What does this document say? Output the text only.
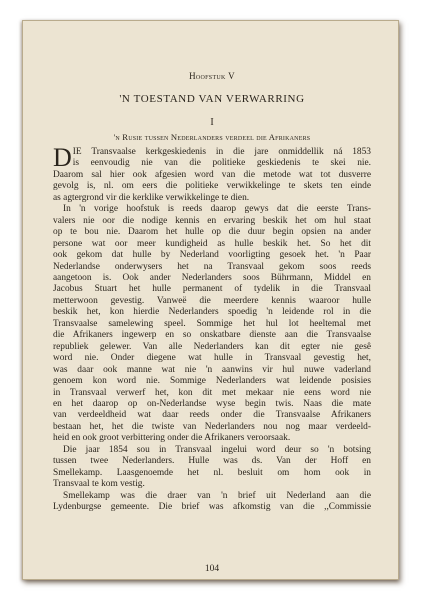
Hoofstuk V
'N TOESTAND VAN VERWARRING
I
'n Rusie tussen Nederlanders verdeel die Afrikaners
D IE Transvaalse kerkgeskiedenis in die jare onmiddellik ná 1853
is eenvoudig nie van die politieke geskiedenis te skei nie.
Daarom sal hier ook afgesien word van die metode wat tot dusverre
gevolg is, nl. om eers die politieke verwikkelinge te skets ten einde
as agtergrond vir die kerklike verwikkelinge te dien.
In 'n vorige hoofstuk is reeds daarop gewys dat die eerste Trans-
valers nie oor die nodige kennis en ervaring beskik het om hul staat
op te bou nie. Daarom het hulle op die duur begin opsien na ander
persone wat oor meer kundigheid as hulle beskik het. So het dit
ook gekom dat hulle by Nederland voorligting gesoek het. 'n Paar
Nederlandse onderwysers het na Transvaal gekom soos reeds
aangetoon is. Ook ander Nederlanders soos Bührmann, Middel en
Jacobus Stuart het hulle permanent of tydelik in die Transvaal
metterwoon gevestig. Vanweë die meerdere kennis waaroor hulle
beskik het, kon hierdie Nederlanders spoedig 'n leidende rol in die
Transvaalse samelewing speel. Sommige het hul lot heeltemal met
die Afrikaners ingewerp en so onskatbare dienste aan die Transvaalse
republiek gelewer. Van alle Nederlanders kan dit egter nie gesê
word nie. Onder diegene wat hulle in Transvaal gevestig het,
was daar ook manne wat nie 'n aanwins vir hul nuwe vaderland
genoem kon word nie. Sommige Nederlanders wat leidende posisies
in Transvaal verwerf het, kon dit met mekaar nie eens word nie
en het daarop op on-Nederlandse wyse begin twis. Naas die mate
van verdeeldheid wat daar reeds onder die Transvaalse Afrikaners
bestaan het, het die twiste van Nederlanders nou nog maar verdeeld-
heid en ook groot verbittering onder die Afrikaners veroorsaak.
Die jaar 1854 sou in Transvaal ingelui word deur so 'n botsing
tussen twee Nederlanders. Hulle was ds. Van der Hoff en
Smellekamp. Laasgenoemde het nl. besluit om hom ook in
Transvaal te kom vestig.
Smellekamp was die draer van 'n brief uit Nederland aan die
Lydenburgse gemeente. Die brief was afkomstig van die ,,Commissie
104
